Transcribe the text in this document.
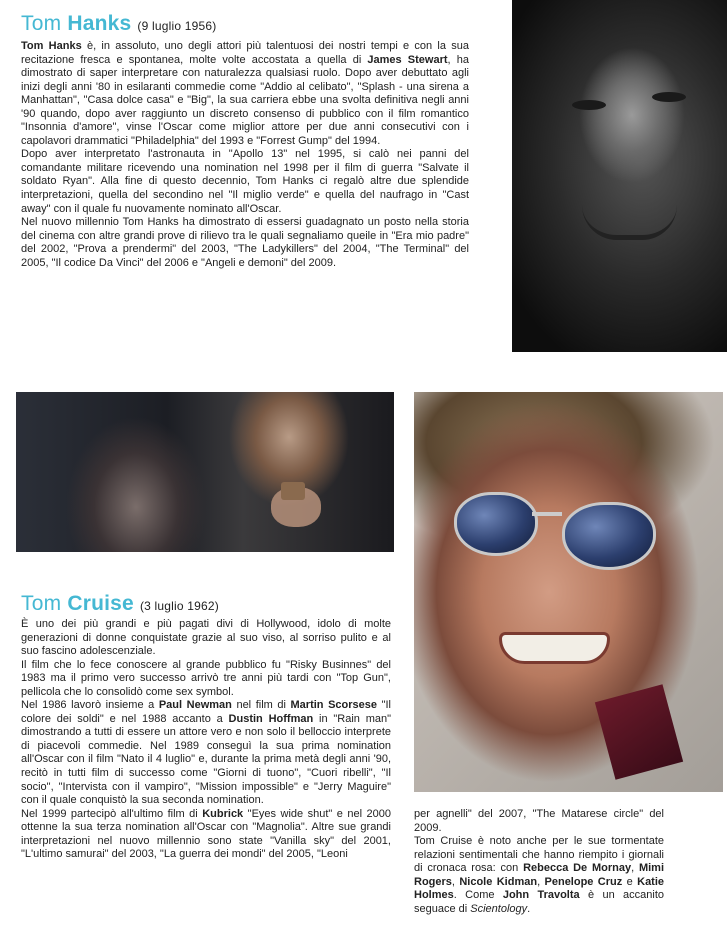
Tom Hanks (9 luglio 1956)

Tom Hanks è, in assoluto, uno degli attori più talentuosi dei nostri tempi e con la sua recitazione fresca e spontanea, molte volte accostata a quella di James Stewart, ha dimostrato di saper interpretare con naturalezza qualsiasi ruolo. Dopo aver debuttato agli inizi degli anni '80 in esilaranti commedie come "Addio al celibato", "Splash - una sirena a Manhattan", "Casa dolce casa" e "Big", la sua carriera ebbe una svolta definitiva negli anni '90 quando, dopo aver raggiunto un discreto consenso di pubblico con il film romantico "Insonnia d'amore", vinse l'Oscar come miglior attore per due anni consecutivi con i capolavori drammatici "Philadelphia" del 1993 e "Forrest Gump" del 1994.

Dopo aver interpretato l'astronauta in "Apollo 13" nel 1995, si calò nei panni del comandante militare ricevendo una nomination nel 1998 per il film di guerra "Salvate il soldato Ryan". Alla fine di questo decennio, Tom Hanks ci regalò altre due splendide interpretazioni, quella del secondino nel "Il miglio verde" e quella del naufrago in "Cast away" con il quale fu nuovamente nominato all'Oscar.

Nel nuovo millennio Tom Hanks ha dimostrato di essersi guadagnato un posto nella storia del cinema con altre grandi prove di rilievo tra le quali segnaliamo queile in "Era mio padre" del 2002, "Prova a prendermi" del 2003, "The Ladykillers" del 2004, "The Terminal" del 2005, "Il codice Da Vinci" del 2006 e "Angeli e demoni" del 2009.

Tom Cruise (3 luglio 1962)

È uno dei più grandi e più pagati divi di Hollywood, idolo di molte generazioni di donne conquistate grazie al suo viso, al sorriso pulito e al suo fascino adolescenziale.

Il film che lo fece conoscere al grande pubblico fu "Risky Businnes" del 1983 ma il primo vero successo arrivò tre anni più tardi con "Top Gun", pellicola che lo consolidò come sex symbol.

Nel 1986 lavorò insieme a Paul Newman nel film di Martin Scorsese "Il colore dei soldi" e nel 1988 accanto a Dustin Hoffman in "Rain man" dimostrando a tutti di essere un attore vero e non solo il belloccio interprete di piacevoli commedie. Nel 1989 conseguì la sua prima nomination all'Oscar con il film "Nato il 4 luglio" e, durante la prima metà degli anni '90, recitò in tutti film di successo come "Giorni di tuono", "Cuori ribelli", "Il socio", "Intervista con il vampiro", "Mission impossible" e "Jerry Maguire" con il quale conquistò la sua seconda nomination.

Nel 1999 partecipò all'ultimo film di Kubrick "Eyes wide shut" e nel 2000 ottenne la sua terza nomination all'Oscar con "Magnolia". Altre sue grandi interpretazioni nel nuovo millennio sono state "Vanilla sky" del 2001, "L'ultimo samurai" del 2003, "La guerra dei mondi" del 2005, "Leoni

per agnelli" del 2007, "The Matarese circle" del 2009.

Tom Cruise è noto anche per le sue tormentate relazioni sentimentali che hanno riempito i giornali di cronaca rosa: con Rebecca De Mornay, Mimi Rogers, Nicole Kidman, Penelope Cruz e Katie Holmes. Come John Travolta è un accanito seguace di Scientology.
